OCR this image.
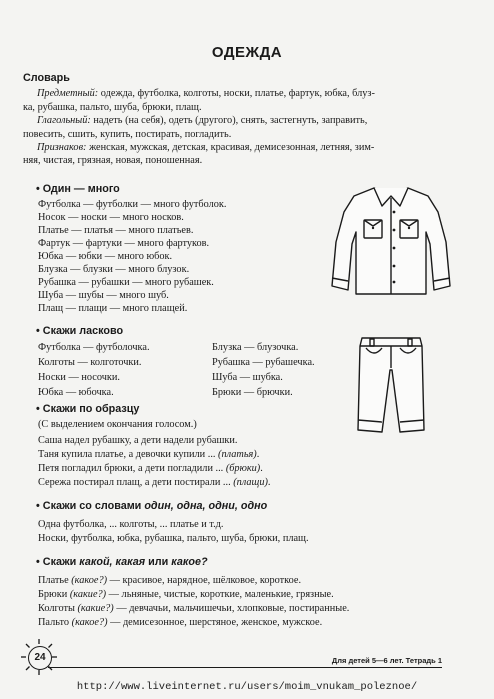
ОДЕЖДА

Словарь

Предметный: одежда, футболка, колготы, носки, платье, фартук, юбка, блуз-

ка, рубашка, пальто, шуба, брюки, плащ.

Глагольный: надеть (на себя), одеть (другого), снять, застегнуть, заправить,

повесить, сшить, купить, постирать, погладить.

Признаков: женская, мужская, детская, красивая, демисезонная, летняя, зим-

няя, чистая, грязная, новая, поношенная.

• Один — много
Футболка — футболки — много футболок.
Носок — носки — много носков.
Платье — платья — много платьев.
Фартук — фартуки — много фартуков.
Юбка — юбки — много юбок.
Блузка — блузки — много блузок.
Рубашка — рубашки — много рубашек.
Шуба — шубы — много шуб.
Плащ — плащи — много плащей.
• Скажи ласково
Футболка — футболочка.
Колготы — колготочки.
Носки — носочки.
Юбка — юбочка.
Блузка — блузочка.
Рубашка — рубашечка.
Шуба — шубка.
Брюки — брючки.
• Скажи по образцу
(С выделением окончания голосом.)
Саша надел рубашку, а дети надели рубашки.
Таня купила платье, а девочки купили ... (платья).
Петя погладил брюки, а дети погладили ... (брюки).
Сережа постирал плащ, а дети постирали ... (плащи).
• Скажи со словами один, одна, одни, одно
Одна футболка, ... колготы, ... платье и т.д.
Носки, футболка, юбка, рубашка, пальто, шуба, брюки, плащ.
• Скажи какой, какая или какое?
Платье (какое?) — красивое, нарядное, шёлковое, короткое.
Брюки (какие?) — льняные, чистые, короткие, маленькие, грязные.
Колготы (какие?) — девчачьи, мальчишечьи, хлопковые, постиранные.
Пальто (какое?) — демисезонное, шерстяное, женское, мужское.
24	Для детей 5—6 лет. Тетрадь 1
http://www.liveinternet.ru/users/moim_vnukam_poleznoe/
